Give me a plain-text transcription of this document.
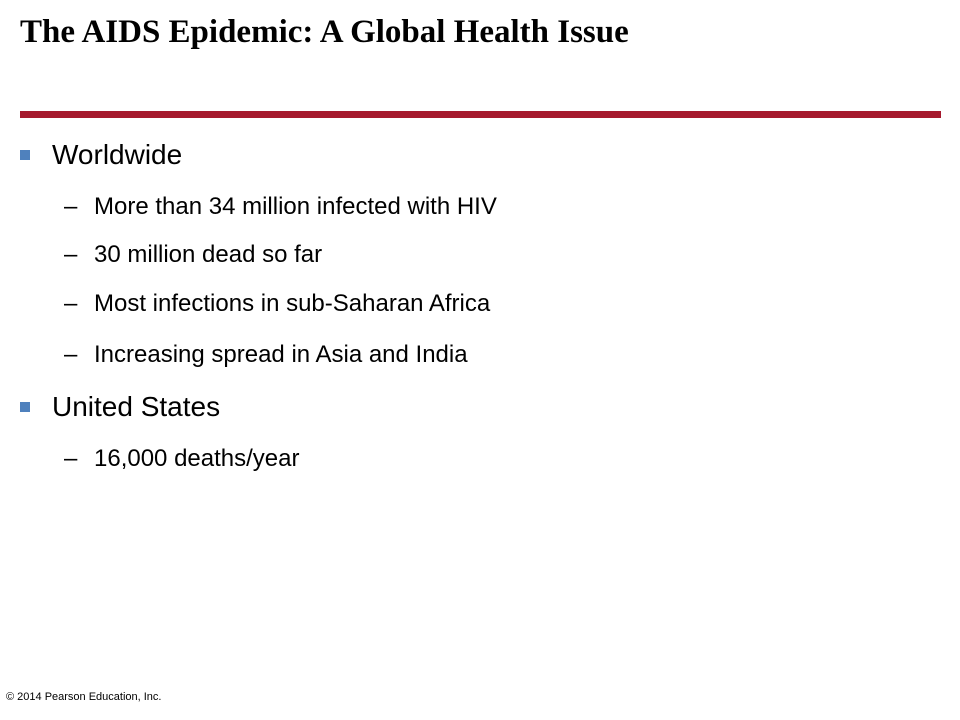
The AIDS Epidemic: A Global Health Issue
Worldwide
– More than 34 million infected with HIV
– 30 million dead so far
– Most infections in sub-Saharan Africa
– Increasing spread in Asia and India
United States
– 16,000 deaths/year
© 2014 Pearson Education, Inc.
